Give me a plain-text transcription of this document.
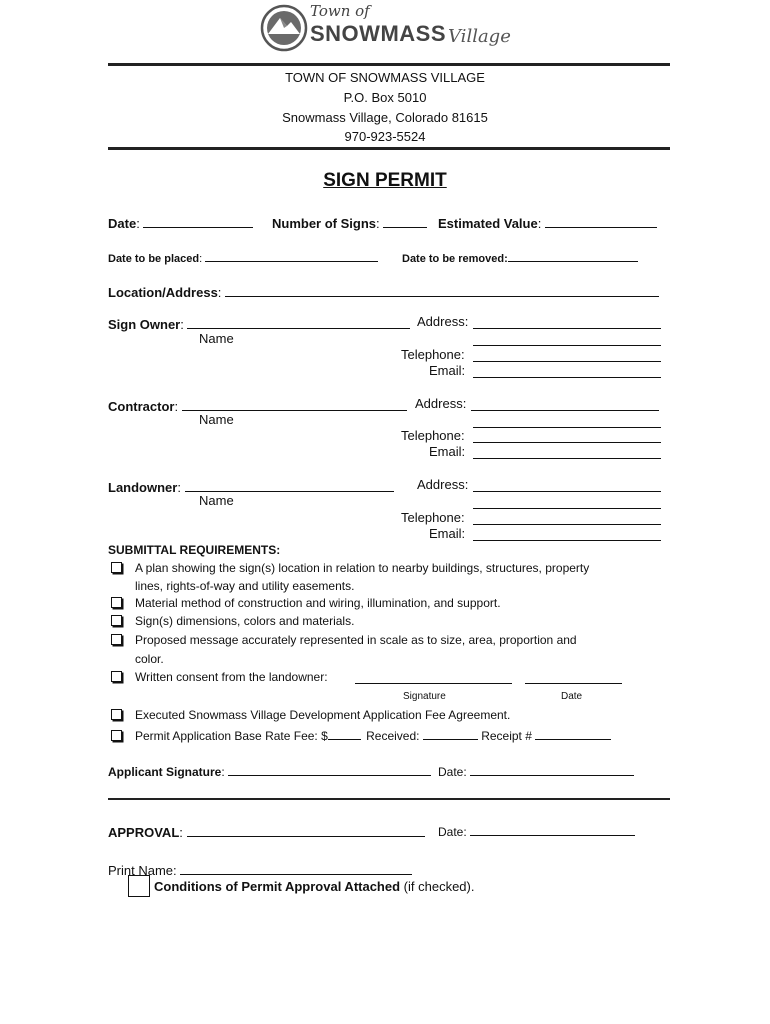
Town of
SNOWMASS Village
TOWN OF SNOWMASS VILLAGE
P.O. Box 5010
Snowmass Village, Colorado 81615
970-923-5524
SIGN PERMIT
Date:	Number of Signs:	Estimated Value:
Date to be placed:	Date to be removed:
Location/Address:
Sign Owner:
Name
Address:
Telephone:
Email:
Contractor:
Name
Address:
Telephone:
Email:
Landowner:
Name
Address:
Telephone:
Email:
SUBMITTAL REQUIREMENTS:
A plan showing the sign(s) location in relation to nearby buildings, structures, property
lines, rights-of-way and utility easements.
Material method of construction and wiring, illumination, and support.
Sign(s) dimensions, colors and materials.
Proposed message accurately represented in scale as to size, area, proportion and
color.
Written consent from the landowner:
Signature	Date
Executed Snowmass Village Development Application Fee Agreement.
Permit Application Base Rate Fee: $	Received:	Receipt #
Applicant Signature:	Date:
APPROVAL:	Date:
Print Name:
Conditions of Permit Approval Attached (if checked).
